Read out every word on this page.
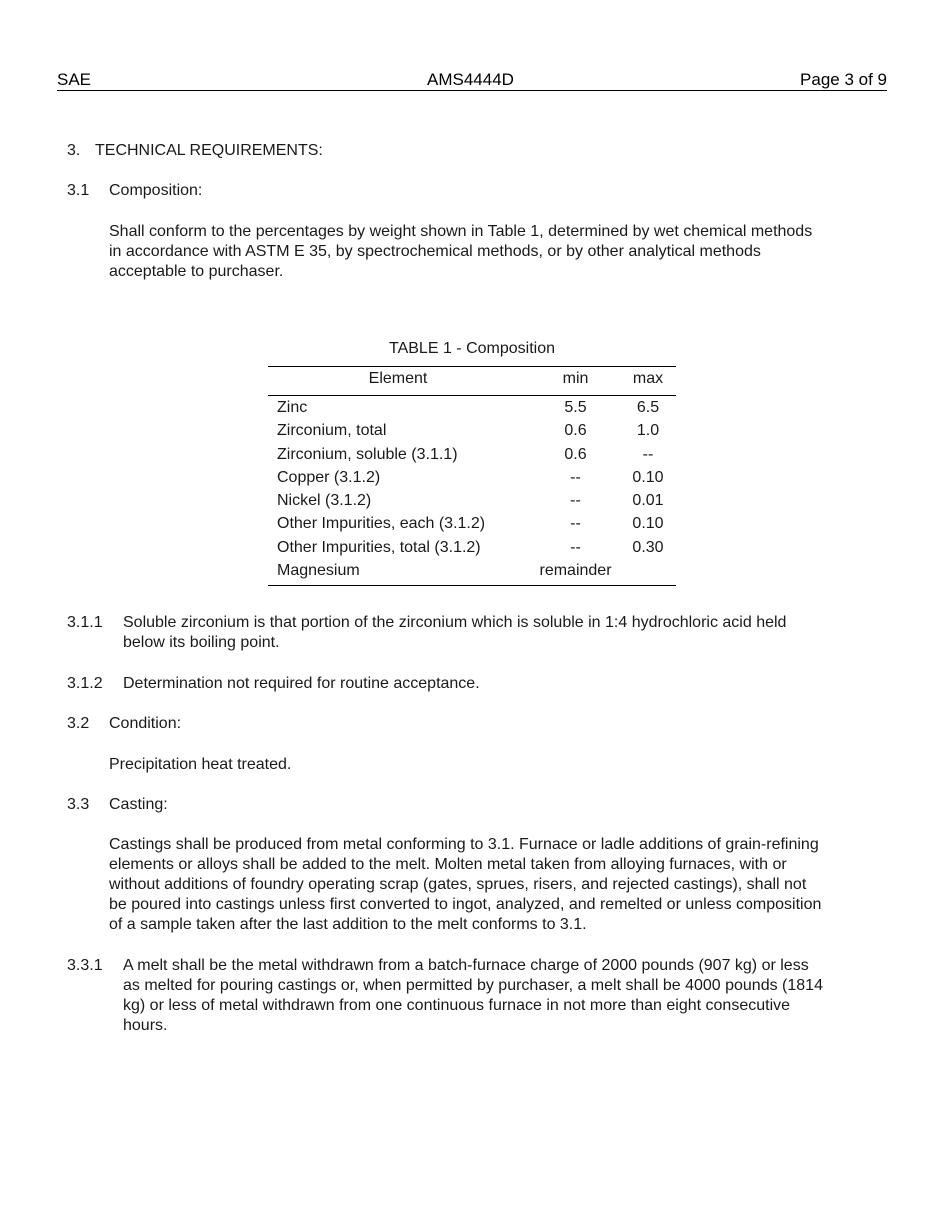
SAE	AMS4444D	Page 3 of 9
3. TECHNICAL REQUIREMENTS:
3.1 Composition:
Shall conform to the percentages by weight shown in Table 1, determined by wet chemical methods
in accordance with ASTM E 35, by spectrochemical methods, or by other analytical methods
acceptable to purchaser.
TABLE 1 - Composition
Element	min	max
Zinc	5.5	6.5
Zirconium, total	0.6	1.0
Zirconium, soluble (3.1.1)	0.6	--
Copper (3.1.2)	--	0.10
Nickel (3.1.2)	--	0.01
Other Impurities, each (3.1.2)	--	0.10
Other Impurities, total (3.1.2)	--	0.30
Magnesium	remainder
3.1.1 Soluble zirconium is that portion of the zirconium which is soluble in 1:4 hydrochloric acid held
below its boiling point.
3.1.2 Determination not required for routine acceptance.
3.2 Condition:
Precipitation heat treated.
3.3 Casting:
Castings shall be produced from metal conforming to 3.1. Furnace or ladle additions of grain-refining
elements or alloys shall be added to the melt. Molten metal taken from alloying furnaces, with or
without additions of foundry operating scrap (gates, sprues, risers, and rejected castings), shall not
be poured into castings unless first converted to ingot, analyzed, and remelted or unless composition
of a sample taken after the last addition to the melt conforms to 3.1.
3.3.1 A melt shall be the metal withdrawn from a batch-furnace charge of 2000 pounds (907 kg) or less
as melted for pouring castings or, when permitted by purchaser, a melt shall be 4000 pounds (1814
kg) or less of metal withdrawn from one continuous furnace in not more than eight consecutive
hours.
